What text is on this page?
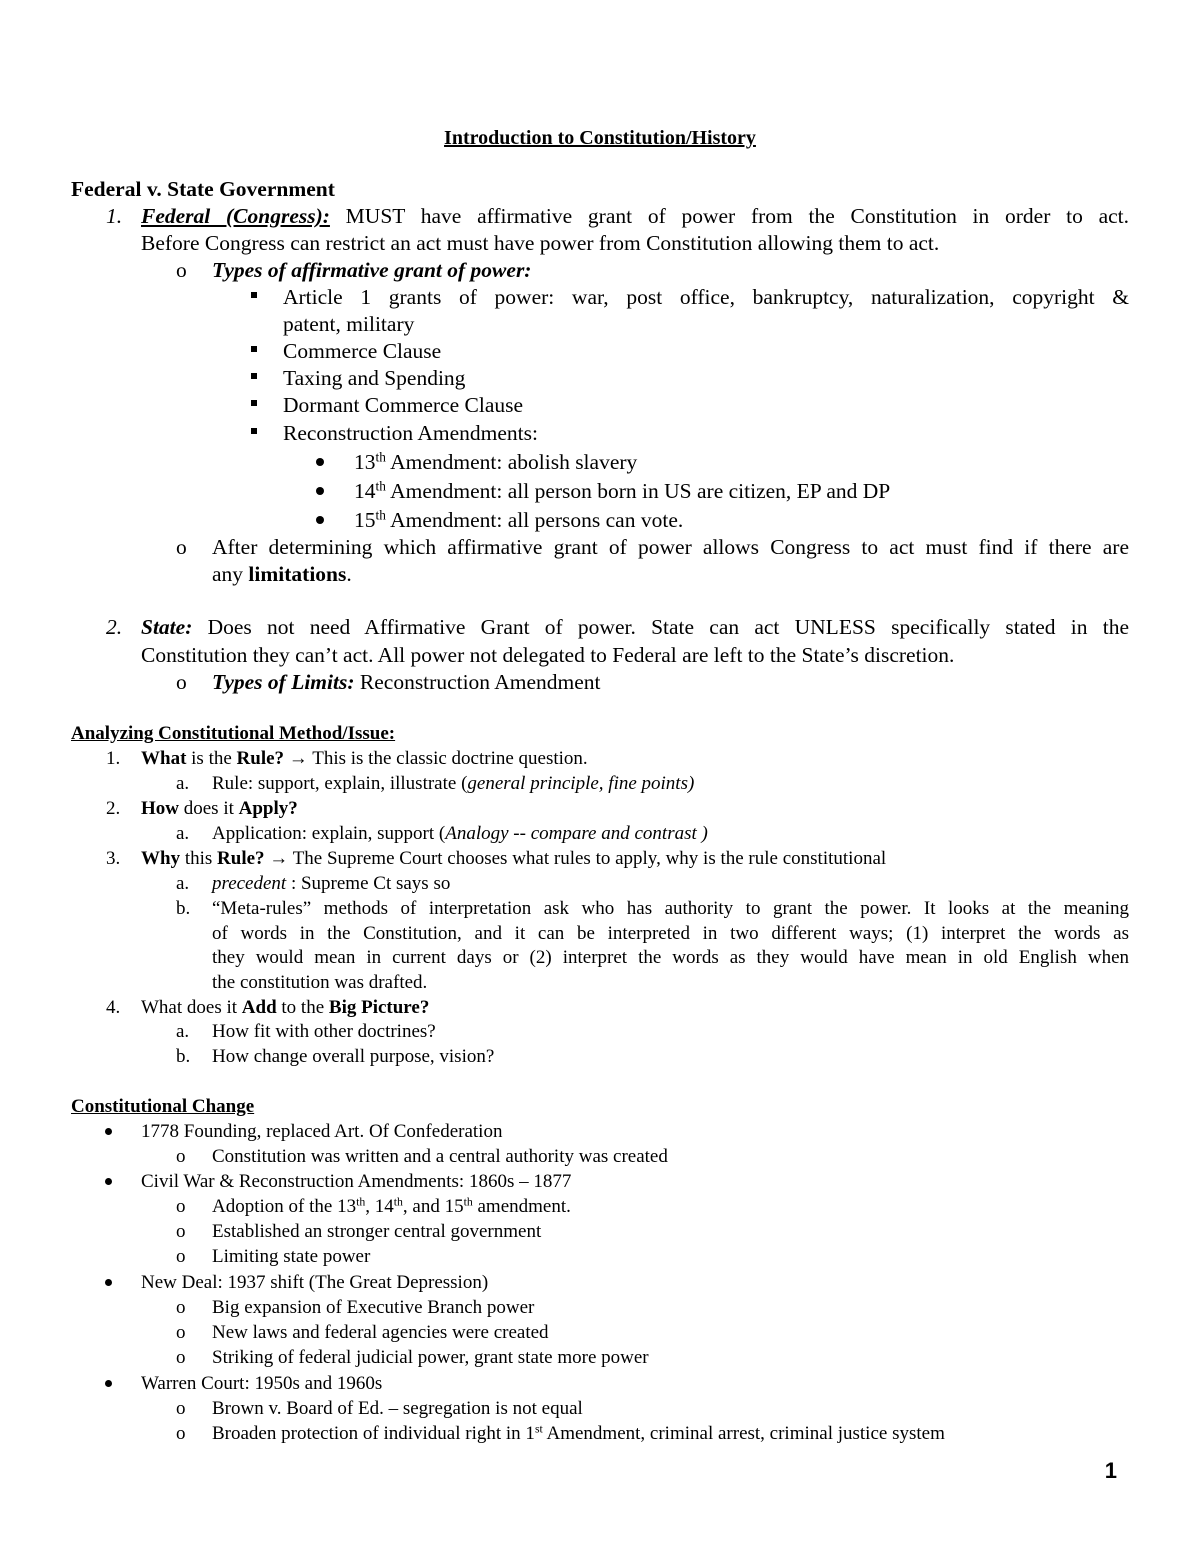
Introduction to Constitution/History
Federal v. State Government
1. Federal (Congress): MUST have affirmative grant of power from the Constitution in order to act.
Before Congress can restrict an act must have power from Constitution allowing them to act.
o Types of affirmative grant of power:
Article 1 grants of power: war, post office, bankruptcy, naturalization, copyright &
patent, military
Commerce Clause
Taxing and Spending
Dormant Commerce Clause
Reconstruction Amendments:
13th Amendment: abolish slavery
14th Amendment: all person born in US are citizen, EP and DP
15th Amendment: all persons can vote.
o After determining which affirmative grant of power allows Congress to act must find if there are
any limitations.
2. State: Does not need Affirmative Grant of power. State can act UNLESS specifically stated in the
Constitution they can’t act. All power not delegated to Federal are left to the State’s discretion.
o Types of Limits: Reconstruction Amendment
Analyzing Constitutional Method/Issue:
1. What is the Rule? → This is the classic doctrine question.
a. Rule: support, explain, illustrate (general principle, fine points)
2. How does it Apply?
a. Application: explain, support (Analogy -- compare and contrast )
3. Why this Rule? → The Supreme Court chooses what rules to apply, why is the rule constitutional
a. precedent : Supreme Ct says so
b. “Meta-rules” methods of interpretation ask who has authority to grant the power. It looks at the meaning
of words in the Constitution, and it can be interpreted in two different ways; (1) interpret the words as
they would mean in current days or (2) interpret the words as they would have mean in old English when
the constitution was drafted.
4. What does it Add to the Big Picture?
a. How fit with other doctrines?
b. How change overall purpose, vision?
Constitutional Change
1778 Founding, replaced Art. Of Confederation
o Constitution was written and a central authority was created
Civil War & Reconstruction Amendments: 1860s – 1877
o Adoption of the 13th, 14th, and 15th amendment.
o Established an stronger central government
o Limiting state power
New Deal: 1937 shift (The Great Depression)
o Big expansion of Executive Branch power
o New laws and federal agencies were created
o Striking of federal judicial power, grant state more power
Warren Court: 1950s and 1960s
o Brown v. Board of Ed. – segregation is not equal
o Broaden protection of individual right in 1st Amendment, criminal arrest, criminal justice system
1
